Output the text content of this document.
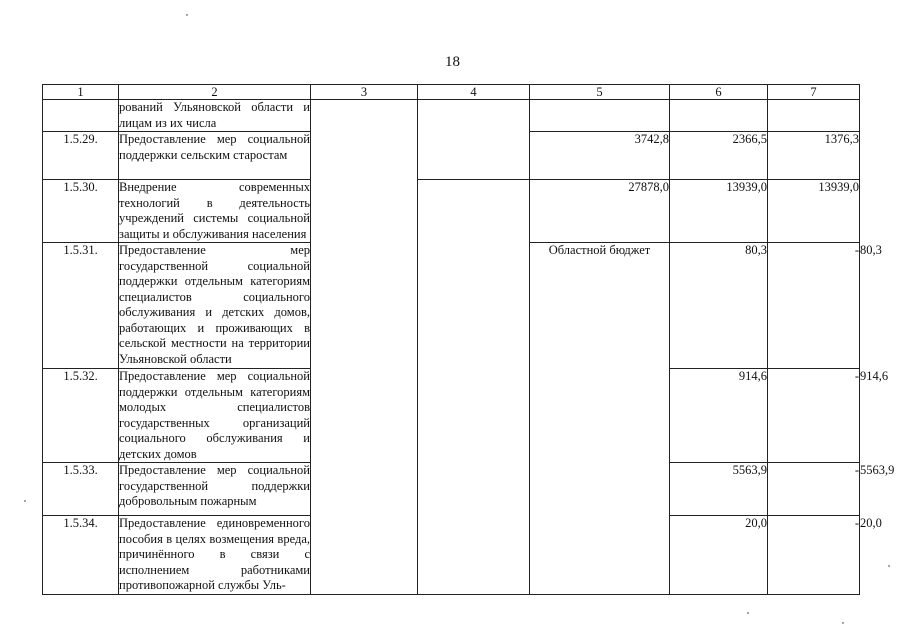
18
1	2	3	4	5	6	7	
	рований Ульяновской области и лицам из их числа						
1.5.29.	Предоставление мер социальной поддержки сельским старостам			3742,8	2366,5	1376,3	
1.5.30.	Внедрение современных технологий в деятельность учреждений системы социальной защиты и обслуживания населения			27878,0	13939,0	13939,0	
1.5.31.	Предоставление мер государственной социальной поддержки отдельным категориям специалистов социального обслуживания и детских домов, работающих и проживающих в сельской местности на территории Ульяновской области			Областной бюджет	80,3	-	80,3
1.5.32.	Предоставление мер социальной поддержки отдельным категориям молодых специалистов государственных организаций социального обслуживания и детских домов				914,6	-	914,6
1.5.33.	Предоставление мер социальной государственной поддержки добровольным пожарным				5563,9	-	5563,9
1.5.34.	Предоставление единовременного пособия в целях возмещения вреда, причинённого в связи с исполнением работниками противопожарной службы Уль-				20,0	-	20,0
